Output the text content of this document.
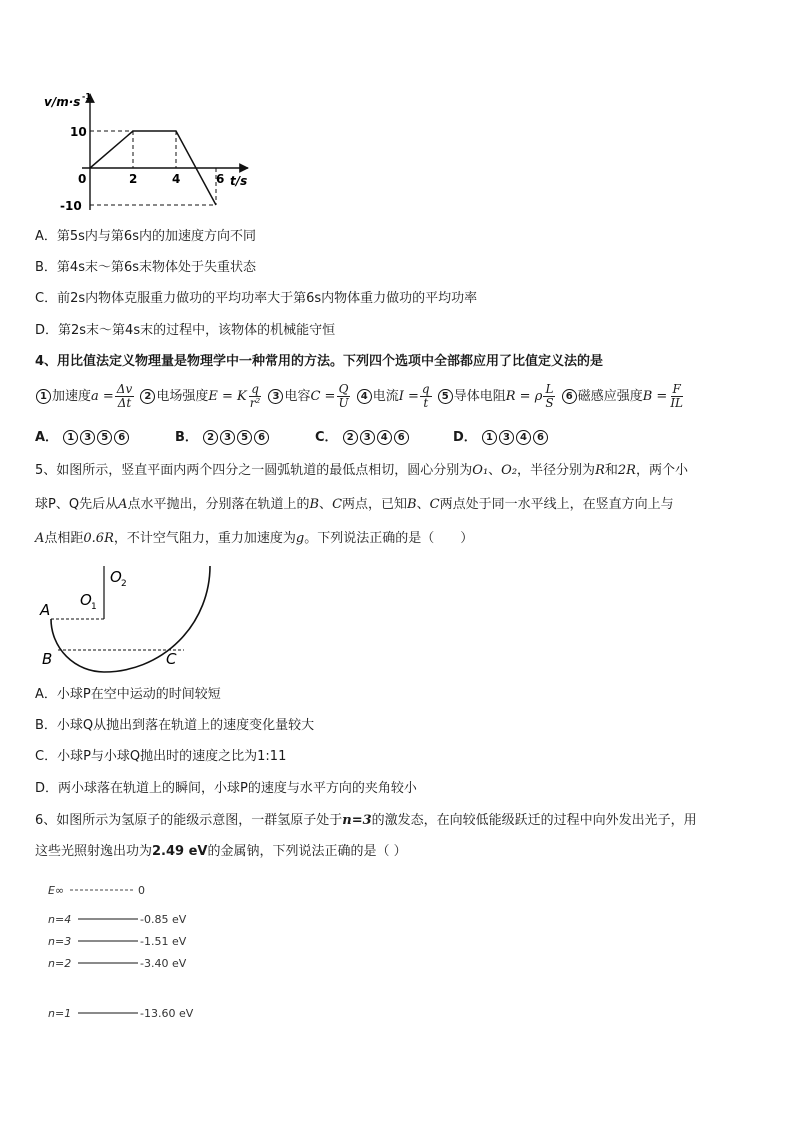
v/m·s -1
10
0
-10
2	4	6 t/s
A．第5s内与第6s内的加速度方向不同
B．第4s末～第6s末物体处于失重状态
C．前2s内物体克服重力做功的平均功率大于第6s内物体重力做功的平均功率
D．第2s末～第4s末的过程中，该物体的机械能守恒
4、用比值法定义物理量是物理学中一种常用的方法。下列四个选项中全部都应用了比值定义法的是
1 加速度$a = \frac{\Delta v}{\Delta t} 2$ 电场强度E = K $\frac{q}{\text{r²}} 3$ 电容$C = \frac{Q}{U} 4$ 电流$I = \frac{q}{t} 5$ 导体电阻R = ρ $\frac{L}{S} 6$ 磁感应强度$B = \frac{F}{IL}$
A． 1 3 5 6	B． 2 3 5 6	C． 2 3 4 6	D． 1 3 4 6
5、如图所示，竖直平面内两个四分之一圆弧轨道的最低点相切，圆心分别为O₁、O₂，半径分别为R和2R，两个小
球P、Q先后从A点水平抛出，分别落在轨道上的B、C两点，已知B、C两点处于同一水平线上，在竖直方向上与
A点相距0.6R，不计空气阻力，重力加速度为g。下列说法正确的是（　　）
A
B	C
O 1
O 2
A．小球P在空中运动的时间较短
B．小球Q从抛出到落在轨道上的速度变化量较大
C．小球P与小球Q抛出时的速度之比为1:11
D．两小球落在轨道上的瞬间，小球P的速度与水平方向的夹角较小
6、如图所示为氢原子的能级示意图，一群氢原子处于n=3的激发态，在向较低能级跃迁的过程中向外发出光子，用
这些光照射逸出功为2.49 eV的金属钠，下列说法正确的是（ ）
E∞	0
n=4	-0.85 eV
n=3	-1.51 eV
n=2	-3.40 eV
n=1	-13.60 eV
